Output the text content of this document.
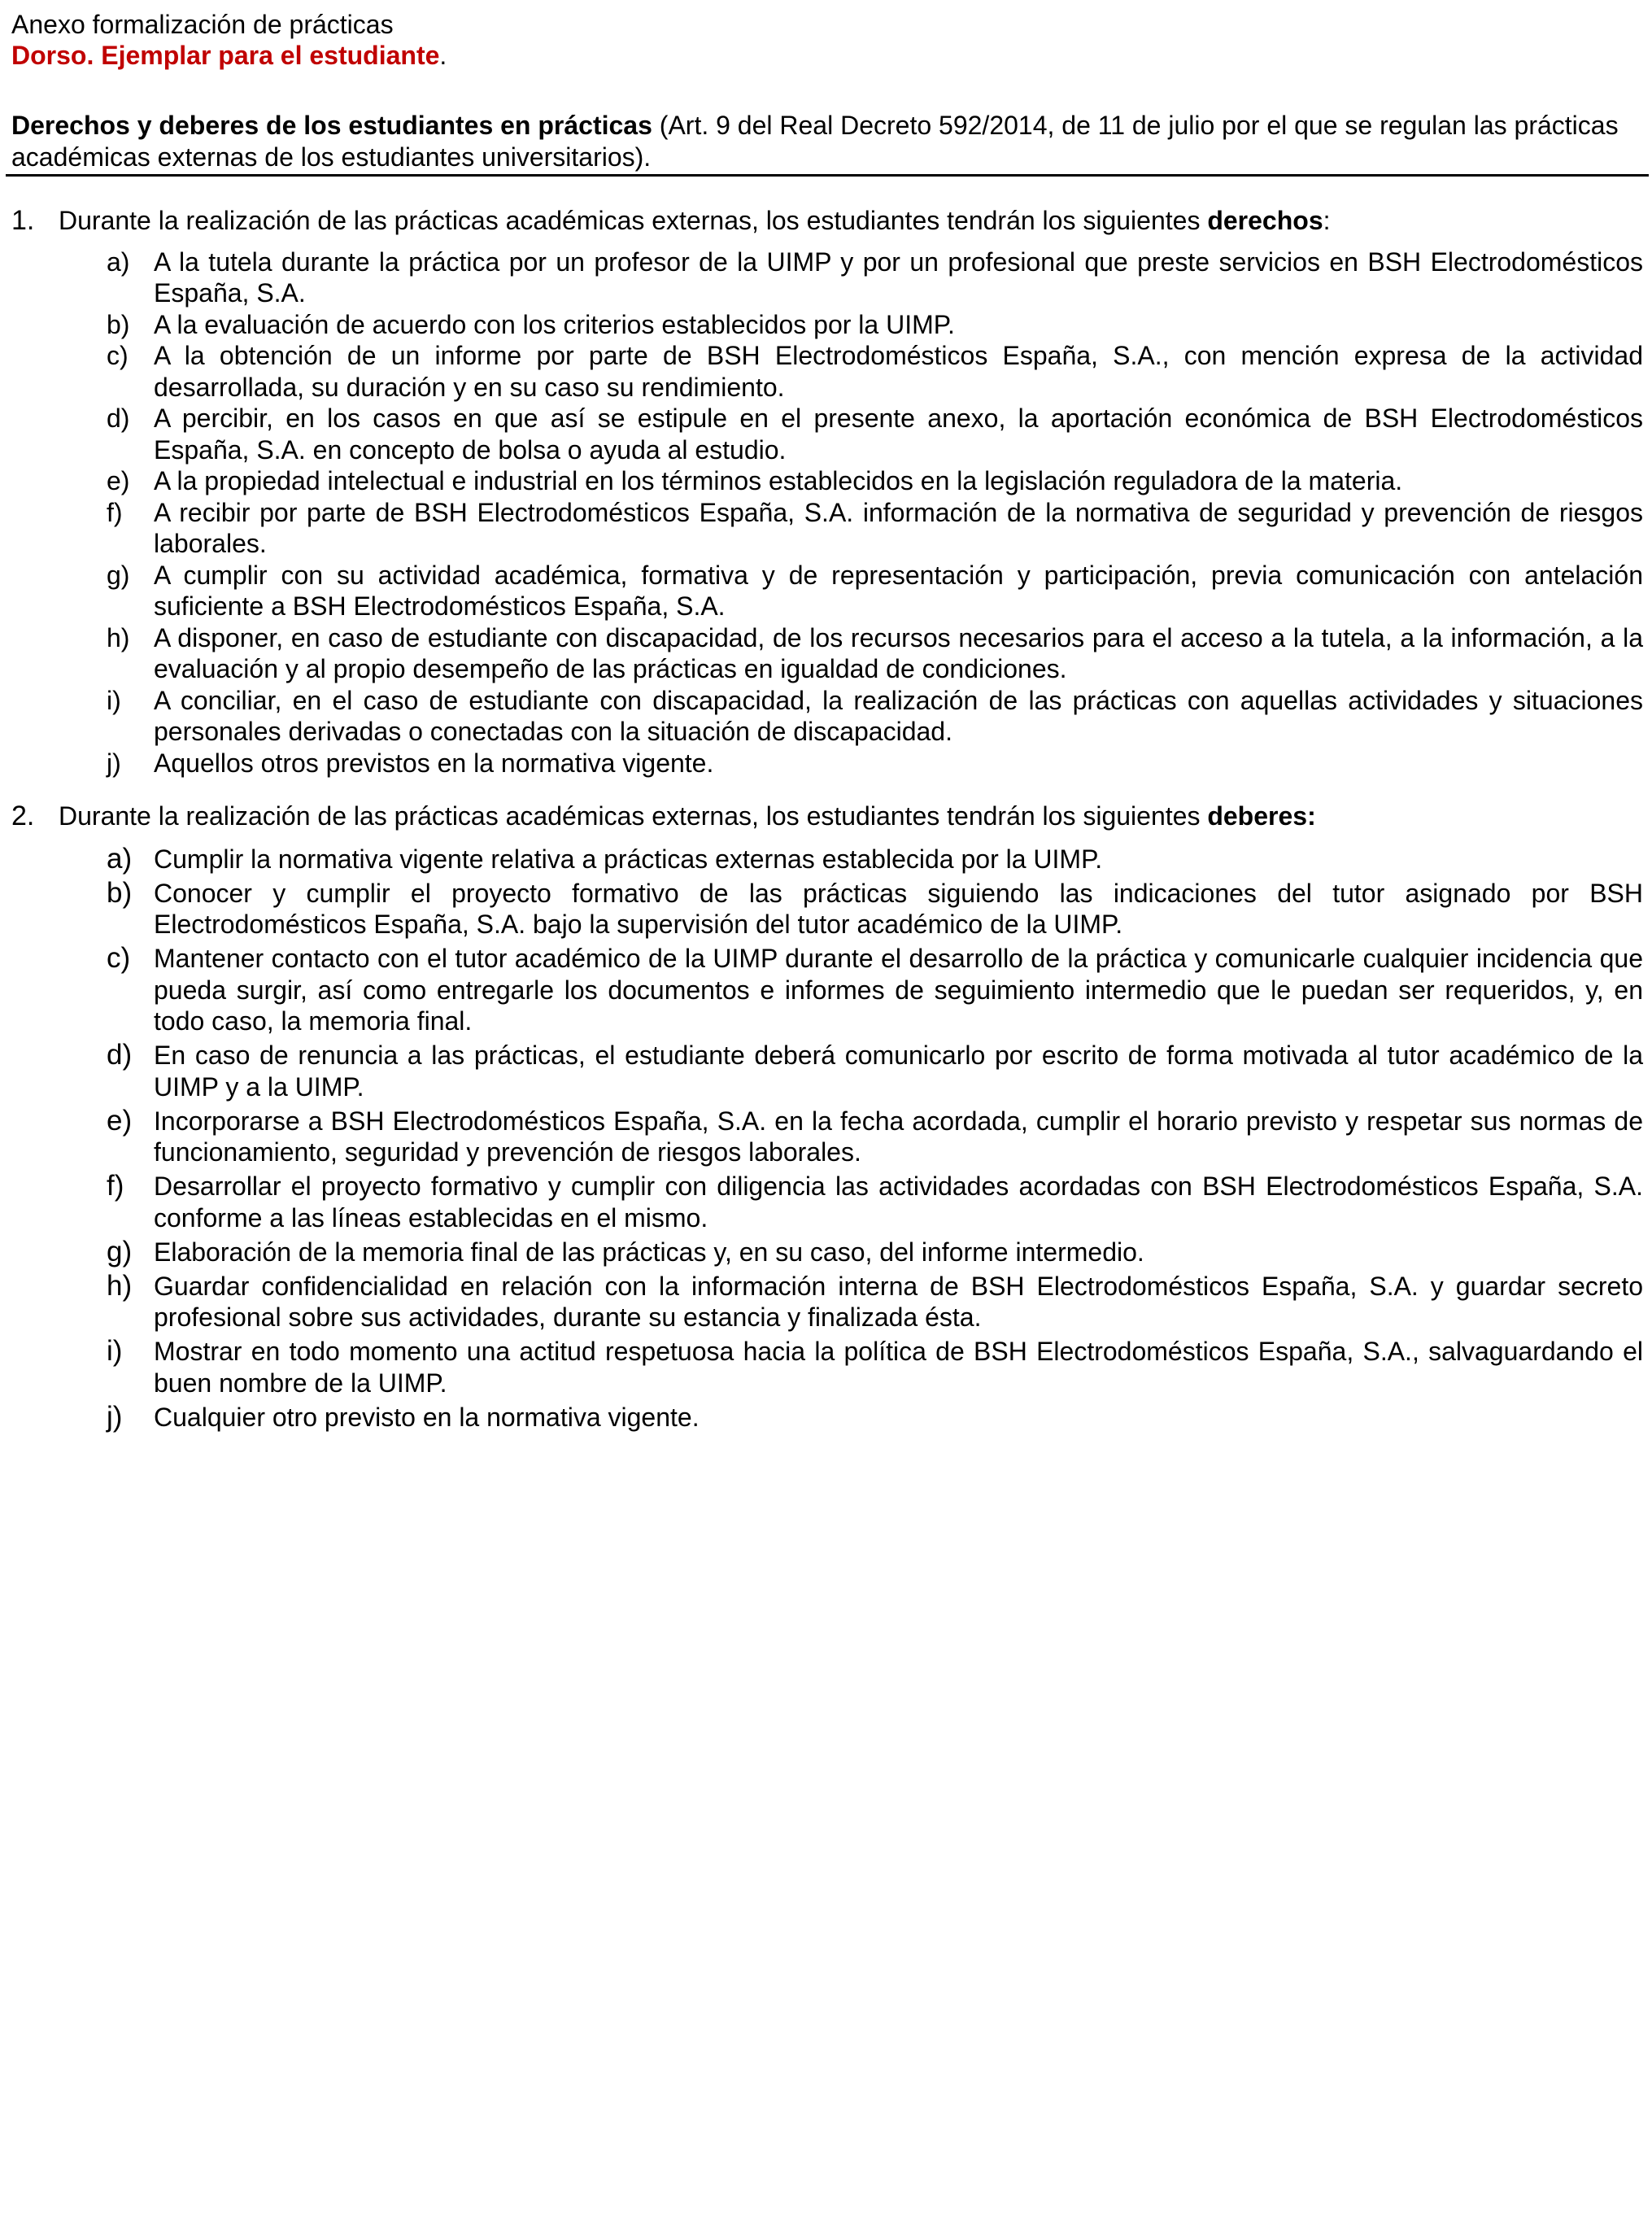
Anexo formalización de prácticas
Dorso. Ejemplar para el estudiante.
Derechos y deberes de los estudiantes en prácticas (Art. 9 del Real Decreto 592/2014, de 11 de julio por el que se regulan las prácticas académicas externas de los estudiantes universitarios).
1. Durante la realización de las prácticas académicas externas, los estudiantes tendrán los siguientes derechos:
a) A la tutela durante la práctica por un profesor de la UIMP y por un profesional que preste servicios en BSH Electrodomésticos España, S.A.
b) A la evaluación de acuerdo con los criterios establecidos por la UIMP.
c) A la obtención de un informe por parte de BSH Electrodomésticos España, S.A., con mención expresa de la actividad desarrollada, su duración y en su caso su rendimiento.
d) A percibir, en los casos en que así se estipule en el presente anexo, la aportación económica de BSH Electrodomésticos España, S.A. en concepto de bolsa o ayuda al estudio.
e) A la propiedad intelectual e industrial en los términos establecidos en la legislación reguladora de la materia.
f)	A recibir por parte de BSH Electrodomésticos España, S.A. información de la normativa de seguridad y prevención de riesgos laborales.
g) A cumplir con su actividad académica, formativa y de representación y participación, previa comunicación con antelación suficiente a BSH Electrodomésticos España, S.A.
h) A disponer, en caso de estudiante con discapacidad, de los recursos necesarios para el acceso a la tutela, a la información, a la evaluación y al propio desempeño de las prácticas en igualdad de condiciones.
i)	A conciliar, en el caso de estudiante con discapacidad, la realización de las prácticas con aquellas actividades y situaciones personales derivadas o conectadas con la situación de discapacidad.
j)	Aquellos otros previstos en la normativa vigente.
2. Durante la realización de las prácticas académicas externas, los estudiantes tendrán los siguientes deberes:
a) Cumplir la normativa vigente relativa a prácticas externas establecida por la UIMP.
b) Conocer y cumplir el proyecto formativo de las prácticas siguiendo las indicaciones del tutor asignado por BSH Electrodomésticos España, S.A. bajo la supervisión del tutor académico de la UIMP.
c) Mantener contacto con el tutor académico de la UIMP durante el desarrollo de la práctica y comunicarle cualquier incidencia que pueda surgir, así como entregarle los documentos e informes de seguimiento intermedio que le puedan ser requeridos, y, en todo caso, la memoria final.
d) En caso de renuncia a las prácticas, el estudiante deberá comunicarlo por escrito de forma motivada al tutor académico de la UIMP y a la UIMP.
e) Incorporarse a BSH Electrodomésticos España, S.A. en la fecha acordada, cumplir el horario previsto y respetar sus normas de funcionamiento, seguridad y prevención de riesgos laborales.
f)	Desarrollar el proyecto formativo y cumplir con diligencia las actividades acordadas con BSH Electrodomésticos España, S.A. conforme a las líneas establecidas en el mismo.
g) Elaboración de la memoria final de las prácticas y, en su caso, del informe intermedio.
h) Guardar confidencialidad en relación con la información interna de BSH Electrodomésticos España, S.A. y guardar secreto profesional sobre sus actividades, durante su estancia y finalizada ésta.
i)	Mostrar en todo momento una actitud respetuosa hacia la política de BSH Electrodomésticos España, S.A., salvaguardando el buen nombre de la UIMP.
j)	Cualquier otro previsto en la normativa vigente.
